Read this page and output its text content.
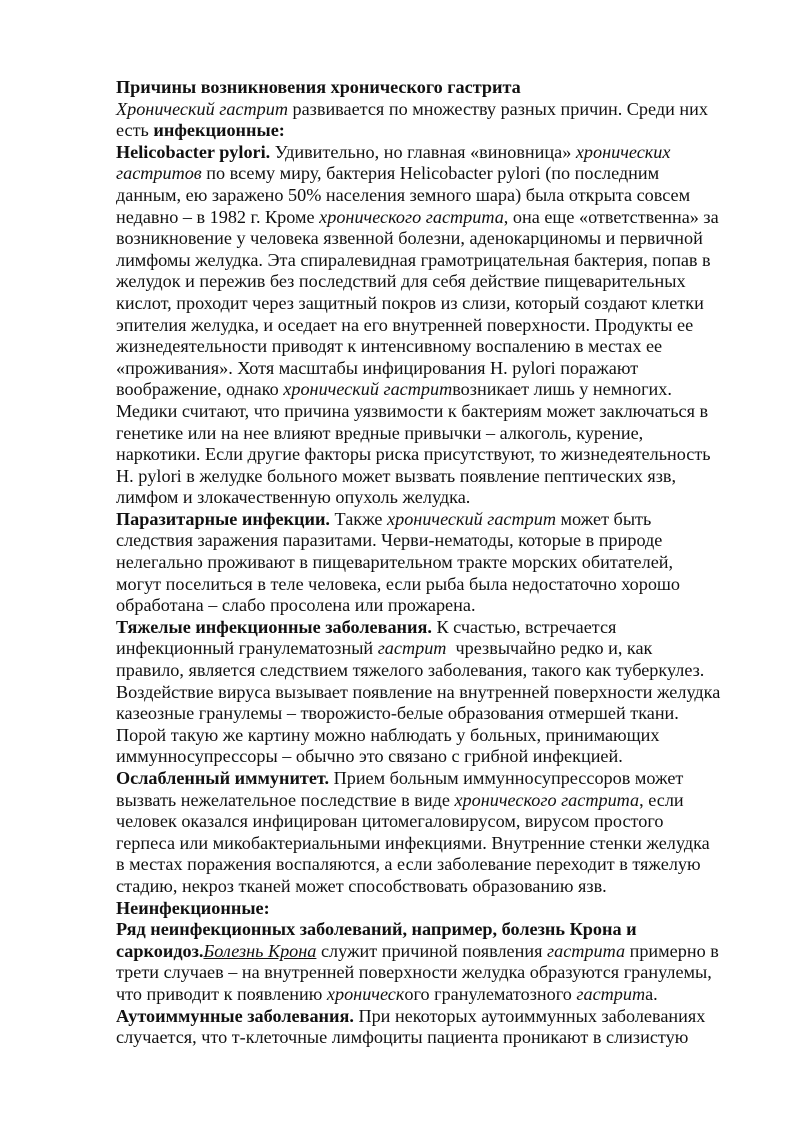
Причины возникновения хронического гастрита
Хронический гастрит развивается по множеству разных причин. Среди них
есть инфекционные:
Helicobacter pylori. Удивительно, но главная «виновница» хронических
гастритов по всему миру, бактерия Helicobacter pylori (по последним
данным, ею заражено 50% населения земного шара) была открыта совсем
недавно – в 1982 г. Кроме хронического гастрита, она еще «ответственна» за
возникновение у человека язвенной болезни, аденокарциномы и первичной
лимфомы желудка. Эта спиралевидная грамотрицательная бактерия, попав в
желудок и пережив без последствий для себя действие пищеварительных
кислот, проходит через защитный покров из слизи, который создают клетки
эпителия желудка, и оседает на его внутренней поверхности. Продукты ее
жизнедеятельности приводят к интенсивному воспалению в местах ее
«проживания». Хотя масштабы инфицирования H. pylori поражают
воображение, однако хронический гастритвозникает лишь у немногих.
Медики считают, что причина уязвимости к бактериям может заключаться в
генетике или на нее влияют вредные привычки – алкоголь, курение,
наркотики. Если другие факторы риска присутствуют, то жизнедеятельность
H. pylori в желудке больного может вызвать появление пептических язв,
лимфом и злокачественную опухоль желудка.
Паразитарные инфекции. Также хронический гастрит может быть
следствия заражения паразитами. Черви-нематоды, которые в природе
нелегально проживают в пищеварительном тракте морских обитателей,
могут поселиться в теле человека, если рыба была недостаточно хорошо
обработана – слабо просолена или прожарена.
Тяжелые инфекционные заболевания. К счастью, встречается
инфекционный гранулематозный гастрит  чрезвычайно редко и, как
правило, является следствием тяжелого заболевания, такого как туберкулез.
Воздействие вируса вызывает появление на внутренней поверхности желудка
казеозные гранулемы – творожисто-белые образования отмершей ткани.
Порой такую же картину можно наблюдать у больных, принимающих
иммунносупрессоры – обычно это связано с грибной инфекцией.
Ослабленный иммунитет. Прием больным иммунносупрессоров может
вызвать нежелательное последствие в виде хронического гастрита, если
человек оказался инфицирован цитомегаловирусом, вирусом простого
герпеса или микобактериальными инфекциями. Внутренние стенки желудка
в местах поражения воспаляются, а если заболевание переходит в тяжелую
стадию, некроз тканей может способствовать образованию язв.
Неинфекционные:
Ряд неинфекционных заболеваний, например, болезнь Крона и
саркоидоз.Болезнь Крона служит причиной появления гастрита примерно в
трети случаев – на внутренней поверхности желудка образуются гранулемы,
что приводит к появлению хронического гранулематозного гастрита.
Аутоиммунные заболевания. При некоторых аутоиммунных заболеваниях
случается, что т-клеточные лимфоциты пациента проникают в слизистую
